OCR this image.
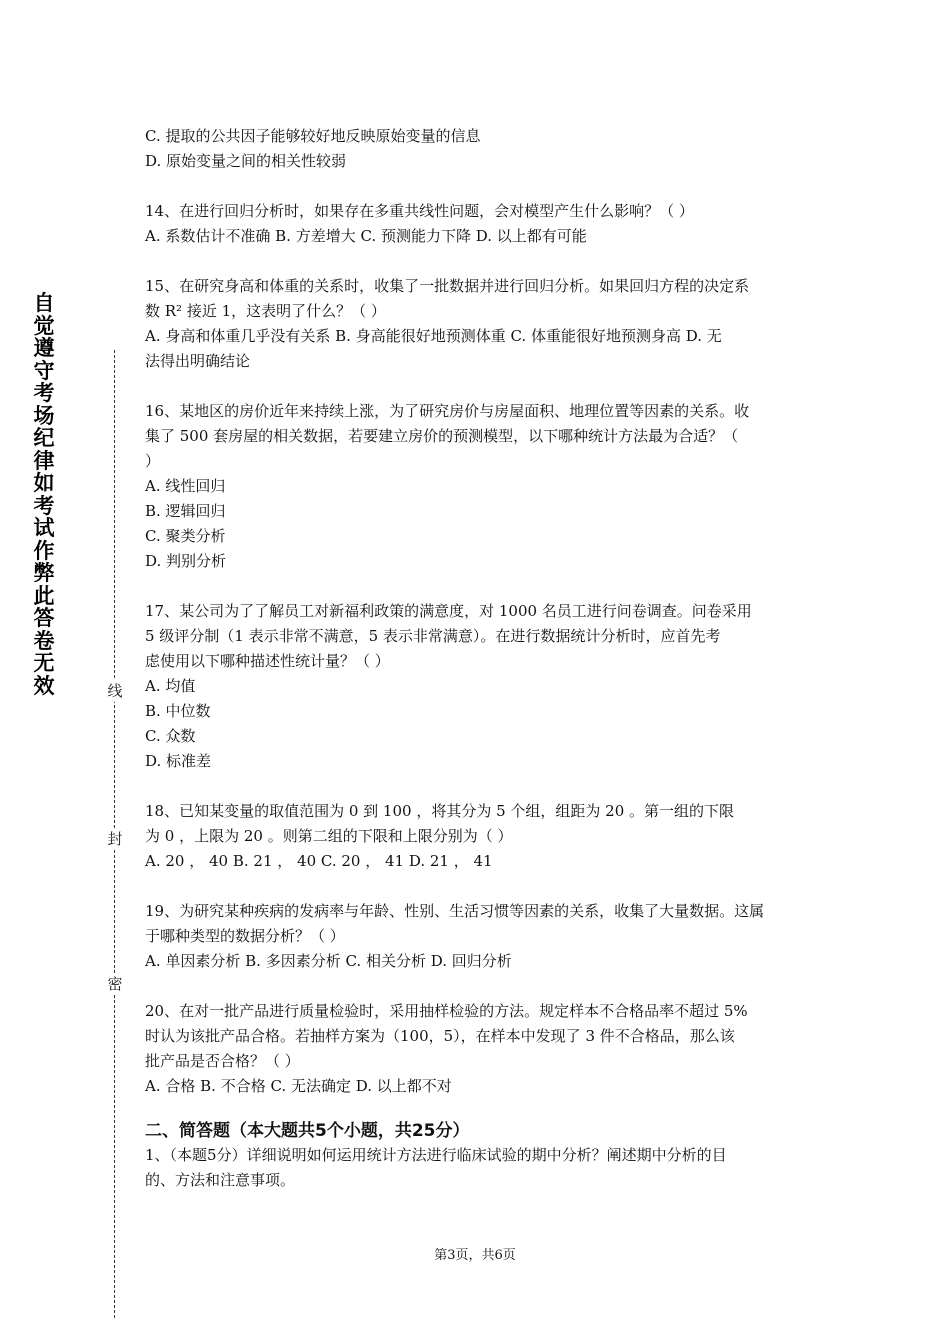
自觉遵守考场纪律如考试作弊此答卷无效	线
封
密

C. 提取的公共因子能够较好地反映原始变量的信息

D. 原始变量之间的相关性较弱

14、在进行回归分析时，如果存在多重共线性问题，会对模型产生什么影响？（ ）

A. 系数估计不准确 B. 方差增大 C. 预测能力下降 D. 以上都有可能

15、在研究身高和体重的关系时，收集了一批数据并进行回归分析。如果回归方程的决定系

数 R² 接近 1，这表明了什么？（ ）

A. 身高和体重几乎没有关系 B. 身高能很好地预测体重 C. 体重能很好地预测身高 D. 无

法得出明确结论

16、某地区的房价近年来持续上涨，为了研究房价与房屋面积、地理位置等因素的关系。收

集了 500 套房屋的相关数据，若要建立房价的预测模型，以下哪种统计方法最为合适？（

）

A. 线性回归

B. 逻辑回归

C. 聚类分析

D. 判别分析

17、某公司为了了解员工对新福利政策的满意度，对 1000 名员工进行问卷调查。问卷采用

5 级评分制（1 表示非常不满意，5 表示非常满意）。在进行数据统计分析时，应首先考

虑使用以下哪种描述性统计量？（ ）

A. 均值

B. 中位数

C. 众数

D. 标准差

18、已知某变量的取值范围为 0 到 100 ，将其分为 5 个组，组距为 20 。第一组的下限

为 0 ，上限为 20 。则第二组的下限和上限分别为（ ）

A. 20 ， 40 B. 21 ， 40 C. 20 ， 41 D. 21 ， 41

19、为研究某种疾病的发病率与年龄、性别、生活习惯等因素的关系，收集了大量数据。这属

于哪种类型的数据分析？（ ）

A. 单因素分析 B. 多因素分析 C. 相关分析 D. 回归分析

20、在对一批产品进行质量检验时，采用抽样检验的方法。规定样本不合格品率不超过 5%

时认为该批产品合格。若抽样方案为（100，5），在样本中发现了 3 件不合格品，那么该

批产品是否合格？（ ）

A. 合格 B. 不合格 C. 无法确定 D. 以上都不对

二、简答题（本大题共5个小题，共25分）

1、（本题5分）详细说明如何运用统计方法进行临床试验的期中分析？阐述期中分析的目

的、方法和注意事项。

第3页，共6页
